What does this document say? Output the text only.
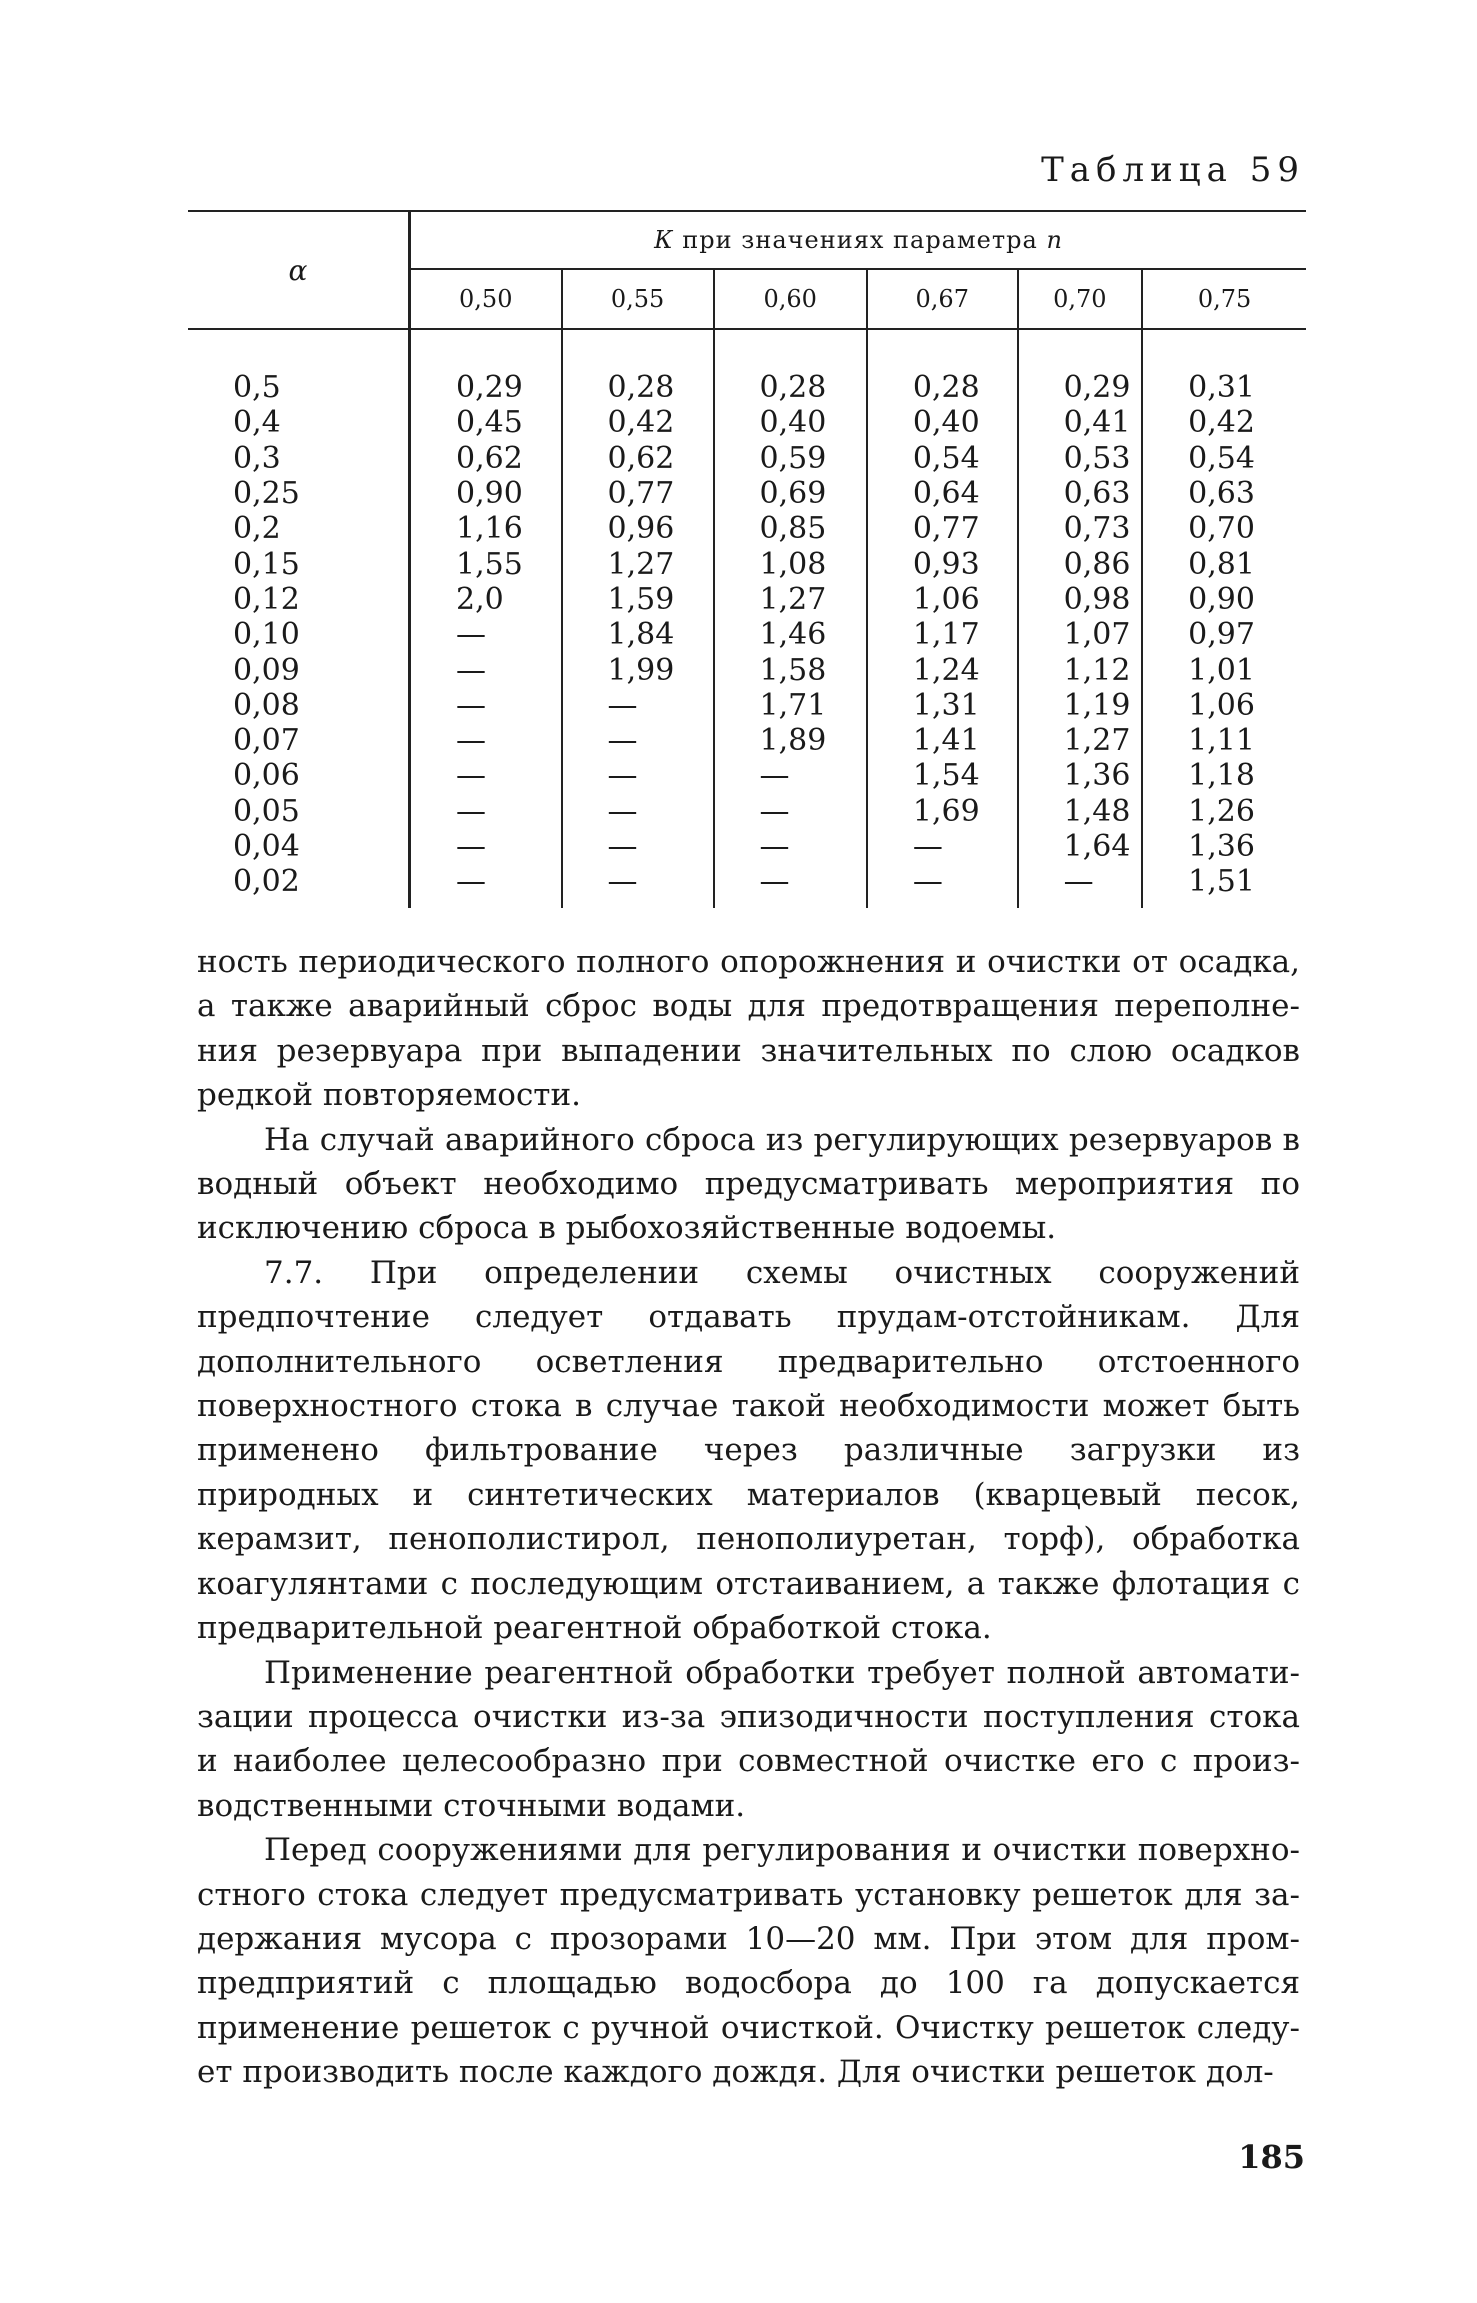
Таблица 59
α	К при значениях параметра n					
	0,50	0,55	0,60	0,67	0,70	0,75

0,5	0,29	0,28	0,28	0,28	0,29	0,31
0,4	0,45	0,42	0,40	0,40	0,41	0,42
0,3	0,62	0,62	0,59	0,54	0,53	0,54
0,25	0,90	0,77	0,69	0,64	0,63	0,63
0,2	1,16	0,96	0,85	0,77	0,73	0,70
0,15	1,55	1,27	1,08	0,93	0,86	0,81
0,12	2,0	1,59	1,27	1,06	0,98	0,90
0,10	—	1,84	1,46	1,17	1,07	0,97
0,09	—	1,99	1,58	1,24	1,12	1,01
0,08	—	—	1,71	1,31	1,19	1,06
0,07	—	—	1,89	1,41	1,27	1,11
0,06	—	—	—	1,54	1,36	1,18
0,05	—	—	—	1,69	1,48	1,26
0,04	—	—	—	—	1,64	1,36
0,02	—	—	—	—	—	1,51

ность периодического полного опорожнения и очистки от осадка, а также аварийный сброс воды для предотвращения переполнения резервуара при выпадении значительных по слою осадков редкой повторяемости.

На случай аварийного сброса из регулирующих резервуаров в водный объект необходимо предусматривать мероприятия по исключению сброса в рыбохозяйственные водоемы.

7.7. При определении схемы очистных сооружений предпочтение следует отдавать прудам-отстойникам. Для дополнительного осветления предварительно отстоенного поверхностного стока в случае такой необходимости может быть применено фильтрование через различные загрузки из природных и синтетических материалов (кварцевый песок, керамзит, пенополистирол, пенополиуретан, торф), обработка коагулянтами с последующим отстаиванием, а также флотация с предварительной реагентной обработкой стока.

Применение реагентной обработки требует полной автоматизации процесса очистки из-за эпизодичности поступления стока и наиболее целесообразно при совместной очистке его с производственными сточными водами.

Перед сооружениями для регулирования и очистки поверхностного стока следует предусматривать установку решеток для задержания мусора с прозорами 10—20 мм. При этом для промпредприятий с площадью водосбора до 100 га допускается применение решеток с ручной очисткой. Очистку решеток следует производить после каждого дождя. Для очистки решеток дол-

185
